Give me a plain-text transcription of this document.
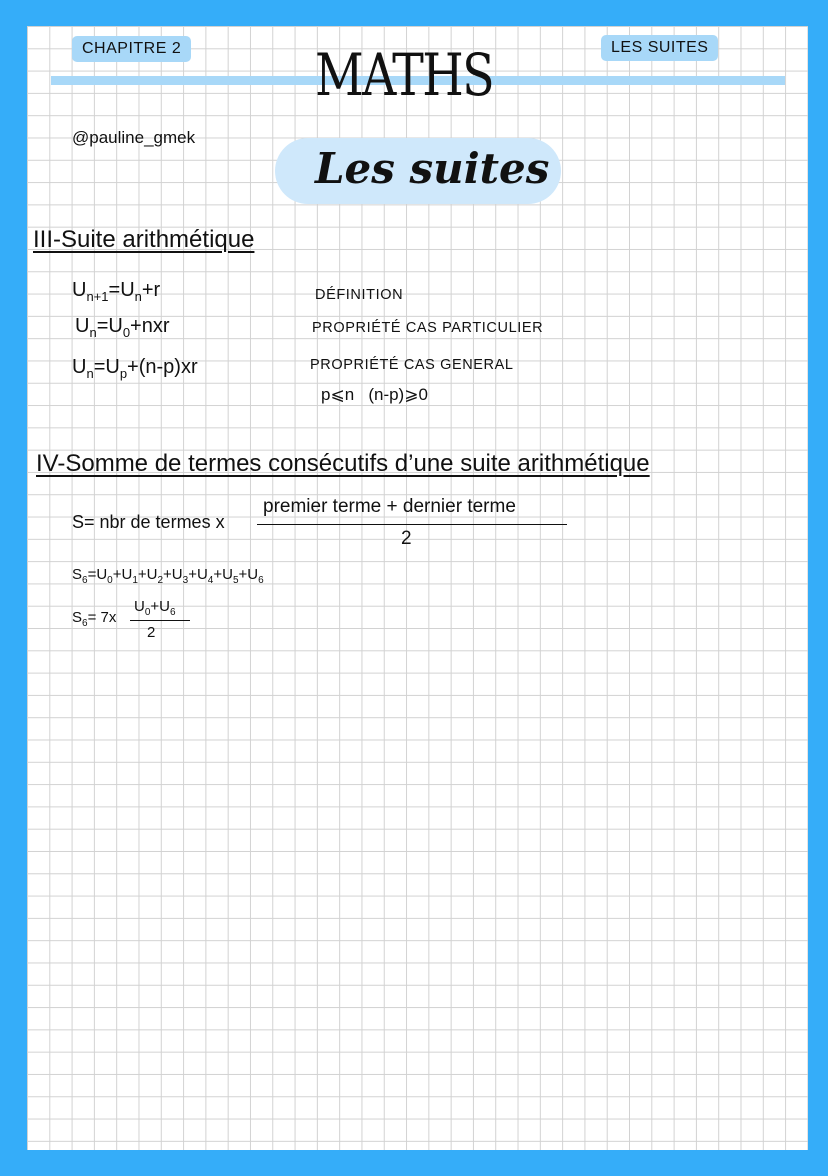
CHAPITRE 2	LES SUITES
MATHS
Les suites
@pauline_gmek
III-Suite arithmétique
$U_{n+1}=U_n+r$	DÉFINITION
$U_n=U_0+nxr$	PROPRIÉTÉ CAS PARTICULIER
$U_n=U_p+(n-p)xr$	PROPRIÉTÉ CAS GENERAL
p⩽n   (n-p)⩾0
IV-Somme de termes consécutifs d’une suite arithmétique
S= nbr de termes x
premier terme + dernier terme
2
$S_6=U_0+U_1+U_2+U_3+U_4+U_5+U_6$
$S_6= 7x$
$U_0+U_6$
2
